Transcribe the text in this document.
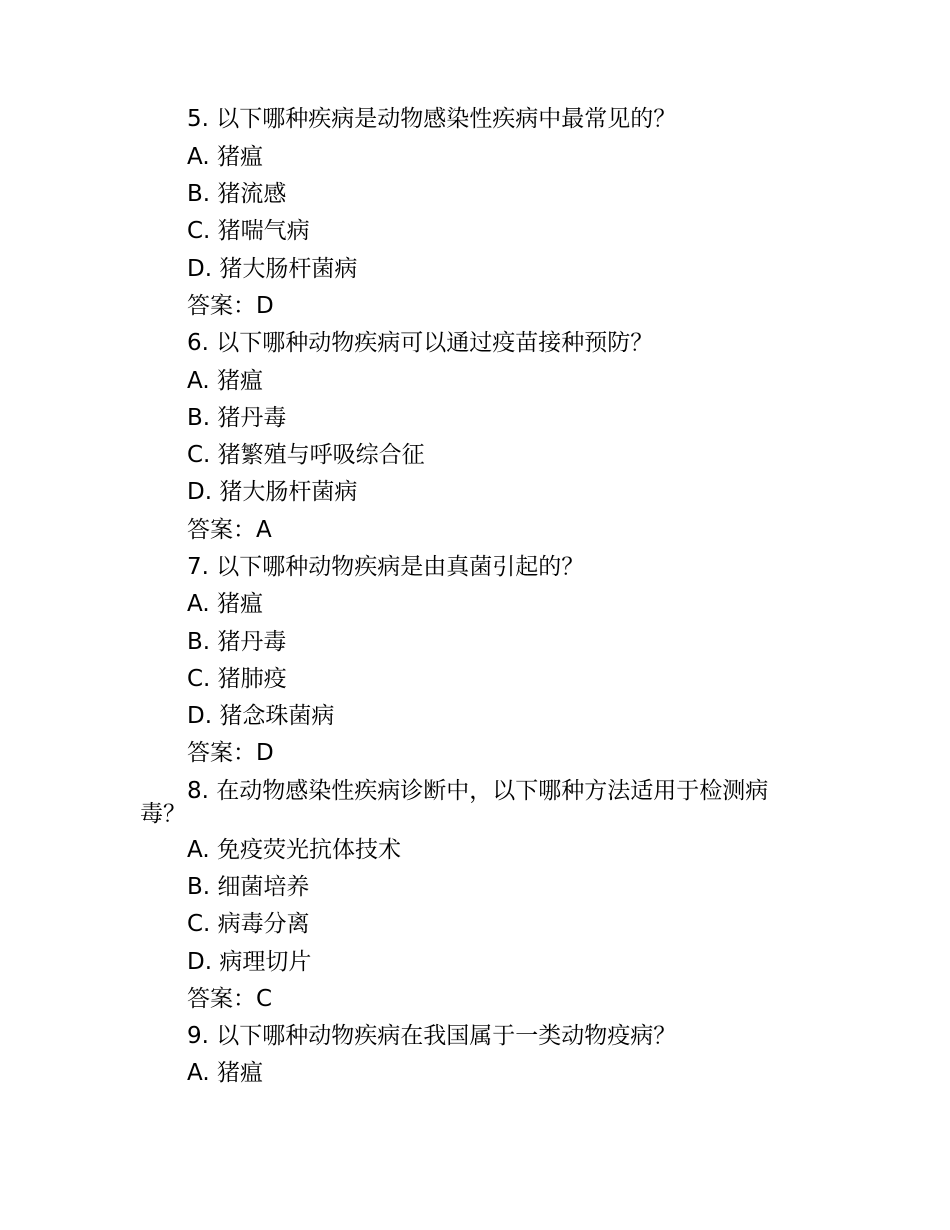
5. 以下哪种疾病是动物感染性疾病中最常见的？
A. 猪瘟
B. 猪流感
C. 猪喘气病
D. 猪大肠杆菌病
答案：D
6. 以下哪种动物疾病可以通过疫苗接种预防？
A. 猪瘟
B. 猪丹毒
C. 猪繁殖与呼吸综合征
D. 猪大肠杆菌病
答案：A
7. 以下哪种动物疾病是由真菌引起的？
A. 猪瘟
B. 猪丹毒
C. 猪肺疫
D. 猪念珠菌病
答案：D
8. 在动物感染性疾病诊断中，以下哪种方法适用于检测病
毒？
A. 免疫荧光抗体技术
B. 细菌培养
C. 病毒分离
D. 病理切片
答案：C
9. 以下哪种动物疾病在我国属于一类动物疫病？
A. 猪瘟
